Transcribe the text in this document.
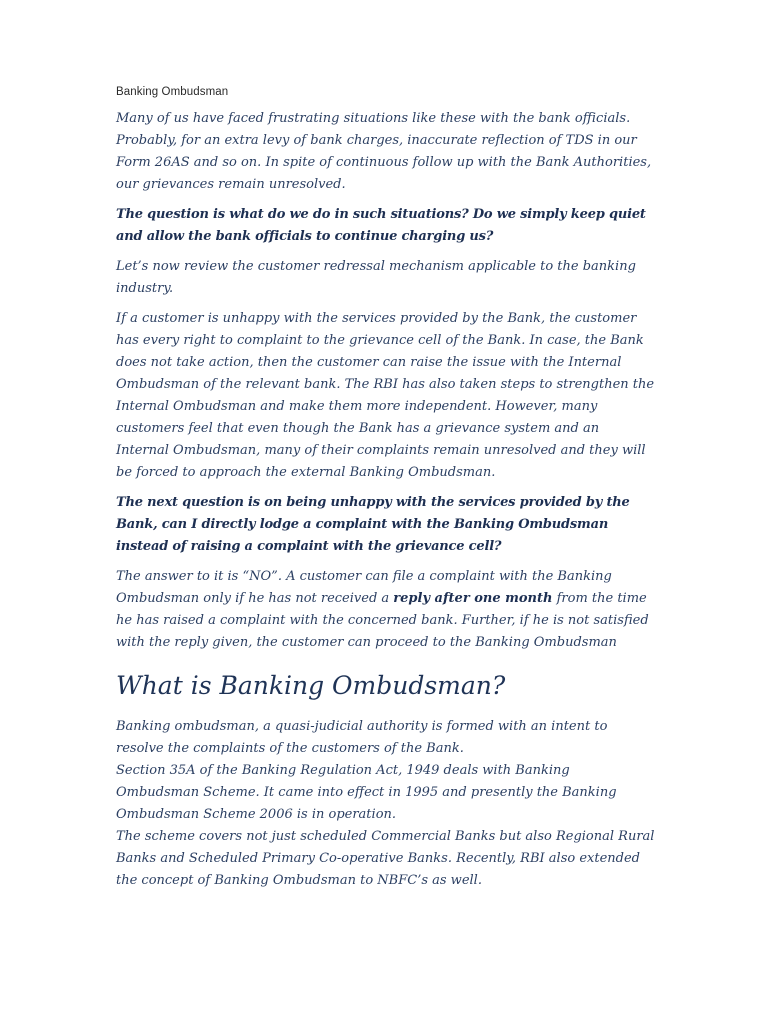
Banking Ombudsman

Many of us have faced frustrating situations like these with the bank officials. Probably, for an extra levy of bank charges, inaccurate reflection of TDS in our Form 26AS and so on. In spite of continuous follow up with the Bank Authorities, our grievances remain unresolved.

The question is what do we do in such situations? Do we simply keep quiet and allow the bank officials to continue charging us?

Let’s now review the customer redressal mechanism applicable to the banking industry.

If a customer is unhappy with the services provided by the Bank, the customer has every right to complaint to the grievance cell of the Bank. In case, the Bank does not take action, then the customer can raise the issue with the Internal Ombudsman of the relevant bank. The RBI has also taken steps to strengthen the Internal Ombudsman and make them more independent. However, many customers feel that even though the Bank has a grievance system and an Internal Ombudsman, many of their complaints remain unresolved and they will be forced to approach the external Banking Ombudsman.

The next question is on being unhappy with the services provided by the Bank, can I directly lodge a complaint with the Banking Ombudsman instead of raising a complaint with the grievance cell?

The answer to it is “NO”. A customer can file a complaint with the Banking Ombudsman only if he has not received a reply after one month from the time he has raised a complaint with the concerned bank. Further, if he is not satisfied with the reply given, the customer can proceed to the Banking Ombudsman

What is Banking Ombudsman?

Banking ombudsman, a quasi-judicial authority is formed with an intent to resolve the complaints of the customers of the Bank.

Section 35A of the Banking Regulation Act, 1949 deals with Banking Ombudsman Scheme. It came into effect in 1995 and presently the Banking Ombudsman Scheme 2006 is in operation.

The scheme covers not just scheduled Commercial Banks but also Regional Rural Banks and Scheduled Primary Co-operative Banks. Recently, RBI also extended the concept of Banking Ombudsman to NBFC’s as well.
